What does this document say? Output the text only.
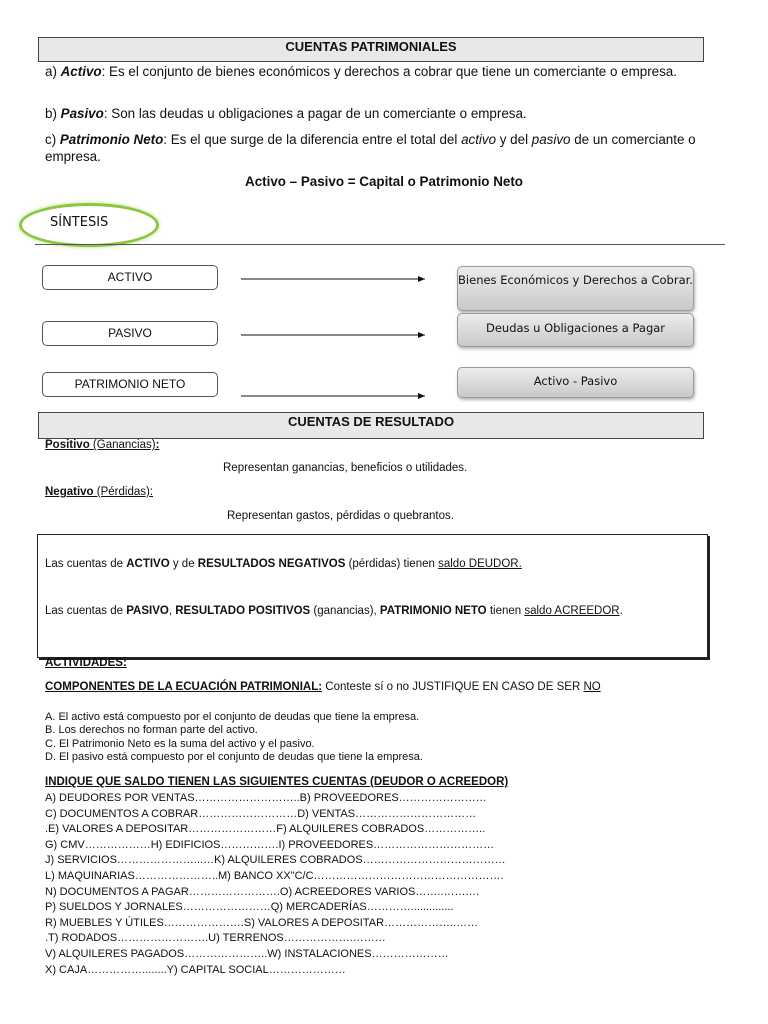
CUENTAS PATRIMONIALES
a) Activo: Es el conjunto de bienes económicos y derechos a cobrar que tiene un comerciante o empresa.
b) Pasivo: Son las deudas u obligaciones a pagar de un comerciante o empresa.
c) Patrimonio Neto: Es el que surge de la diferencia entre el total del activo y del pasivo de un comerciante o empresa.
Activo – Pasivo = Capital o Patrimonio Neto
SÍNTESIS
ACTIVO
PASIVO
PATRIMONIO NETO
Bienes Económicos y Derechos a Cobrar.
Deudas u Obligaciones a Pagar
Activo - Pasivo
CUENTAS DE RESULTADO
Positivo (Ganancias):
Representan ganancias, beneficios o utilidades.
Negativo (Pérdidas):
Representan gastos, pérdidas o quebrantos.
Las cuentas de ACTIVO y de RESULTADOS NEGATIVOS (pérdidas) tienen saldo DEUDOR.
Las cuentas de PASIVO, RESULTADO POSITIVOS (ganancias), PATRIMONIO NETO tienen saldo ACREEDOR.
ACTIVIDADES:
COMPONENTES DE LA ECUACIÓN PATRIMONIAL: Conteste sí o no JUSTIFIQUE EN CASO DE SER NO
A. El activo está compuesto por el conjunto de deudas que tiene la empresa.
B. Los derechos no forman parte del activo.
C. El Patrimonio Neto es la suma del activo y el pasivo.
D. El pasivo está compuesto por el conjunto de deudas que tiene la empresa.
INDIQUE QUE SALDO TIENEN LAS SIGUIENTES CUENTAS (DEUDOR O ACREEDOR)
A) DEUDORES POR VENTAS………………………..B) PROVEEDORES……………………
C) DOCUMENTOS A COBRAR………………………D) VENTAS……………………………
.E) VALORES A DEPOSITAR……………………F) ALQUILERES COBRADOS……………..
G) CMV………………H) EDIFICIOS…………….I) PROVEEDORES……………………………
J) SERVICIOS…………………...…K) ALQUILERES COBRADOS…………………………………
L) MAQUINARIAS…………………..M) BANCO XX"C/C…………………………………………….
N) DOCUMENTOS A PAGAR…………………….O) ACREEDORES VARIOS……..…….…
P) SUELDOS Y JORNALES……………………Q) MERCADERÍAS…………..............
R) MUEBLES Y ÚTILES………………….S) VALORES A DEPOSITAR………………..……
.T) RODADOS…………………….U) TERRENOS……………….………
V) ALQUILERES PAGADOS…………………..W) INSTALACIONES…………………
X) CAJA……………........Y) CAPITAL SOCIAL…………………
